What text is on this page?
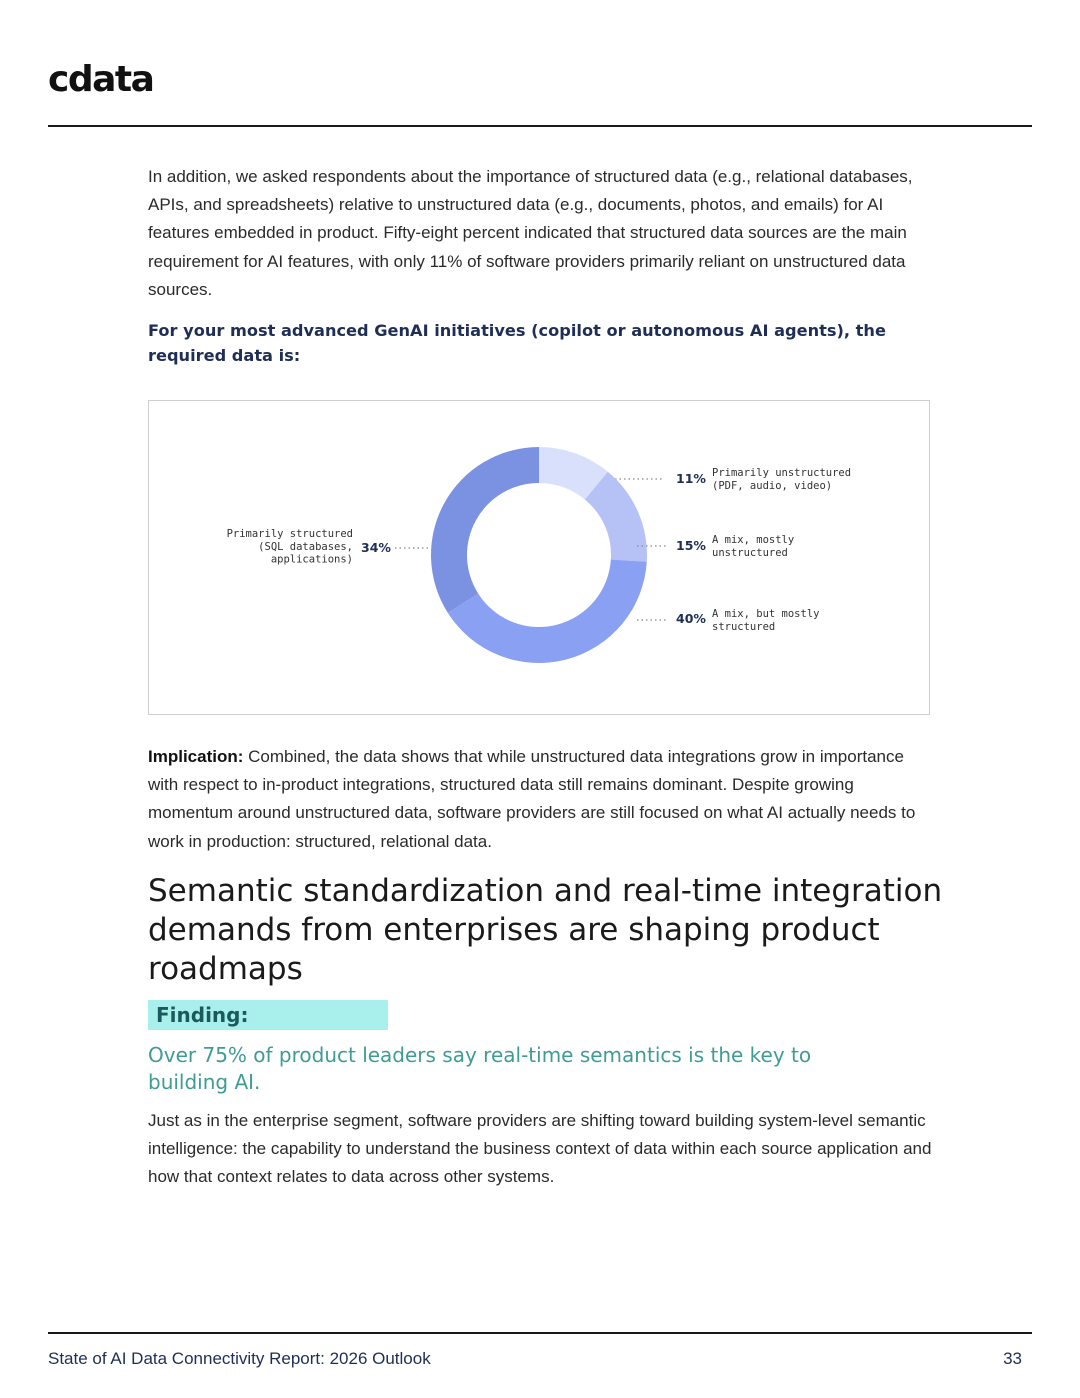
cdata

In addition, we asked respondents about the importance of structured data (e.g., relational databases, APIs, and spreadsheets) relative to unstructured data (e.g., documents, photos, and emails) for AI features embedded in product. Fifty-eight percent indicated that structured data sources are the main requirement for AI features, with only 11% of software providers primarily reliant on unstructured data sources.

For your most advanced GenAI initiatives (copilot or autonomous AI agents), the required data is:

11% Primarily unstructured
(PDF, audio, video)
15% A mix, mostly
unstructured
40% A mix, but mostly
structured
34%
Primarily structured
(SQL databases,
applications)

Implication: Combined, the data shows that while unstructured data integrations grow in importance with respect to in-product integrations, structured data still remains dominant. Despite growing momentum around unstructured data, software providers are still focused on what AI actually needs to work in production: structured, relational data.

Semantic standardization and real-time integration demands from enterprises are shaping product roadmaps
Finding:

Over 75% of product leaders say real-time semantics is the key to building AI.

Just as in the enterprise segment, software providers are shifting toward building system-level semantic intelligence: the capability to understand the business context of data within each source application and how that context relates to data across other systems.

State of AI Data Connectivity Report: 2026 Outlook	33
